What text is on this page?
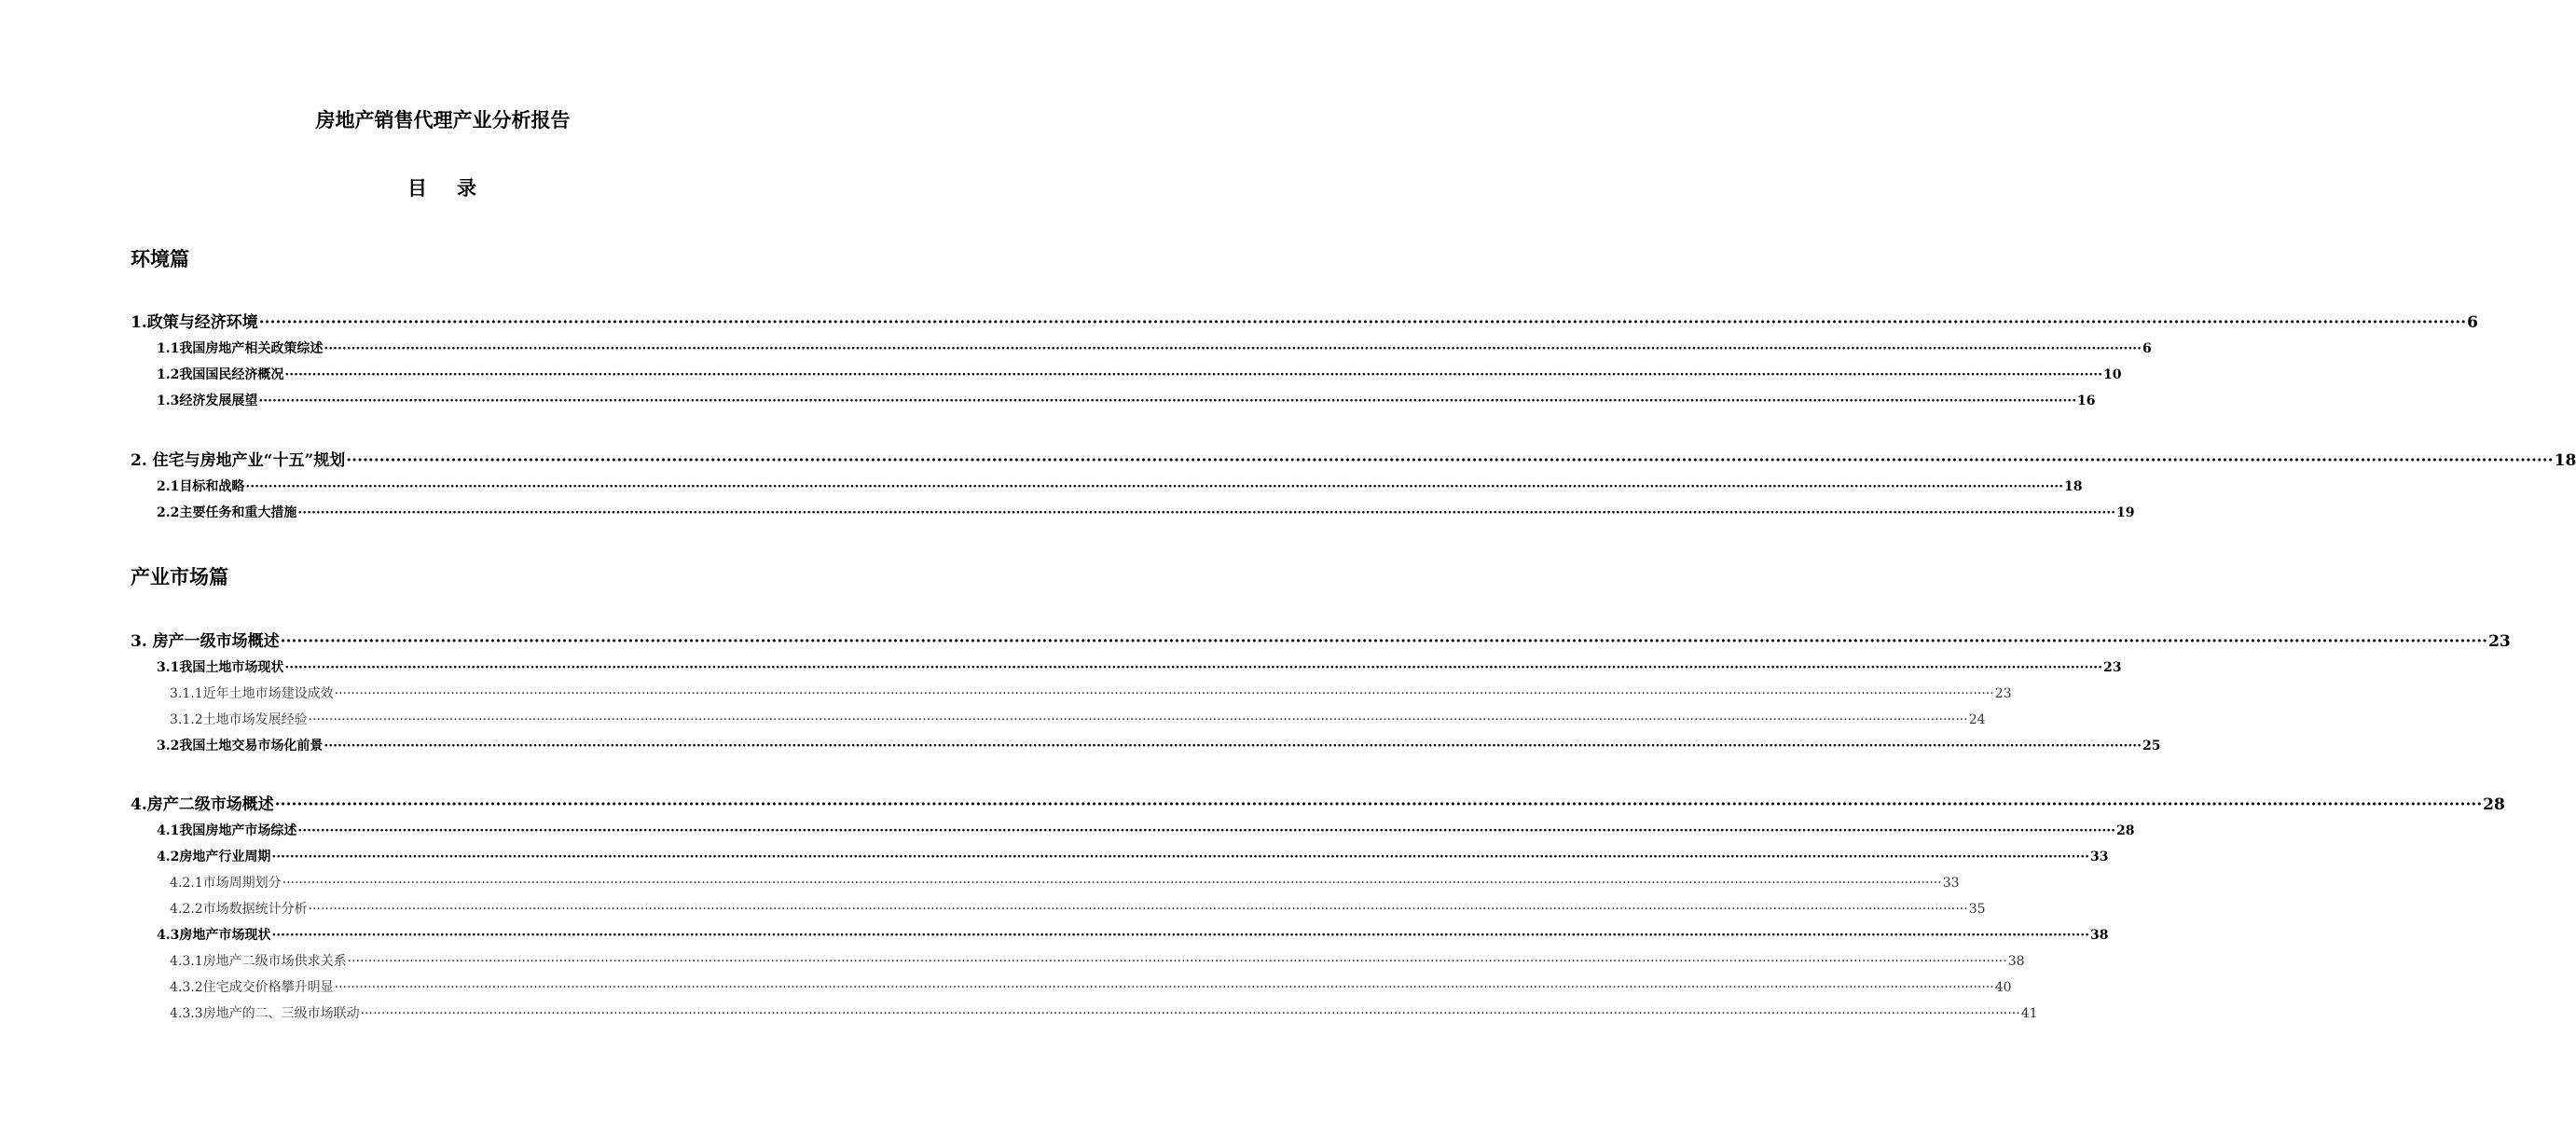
房地产销售代理产业分析报告
目 录
环境篇
1.政策与经济环境 ················································································································································································································································································································································································································ 6
1.1我国房地产相关政策综述 ················································································································································································································································································································································································································ 6
1.2我国国民经济概况 ················································································································································································································································································································································································································ 10
1.3经济发展展望 ················································································································································································································································································································································································································ 16
2. 住宅与房地产业“十五”规划 ················································································································································································································································································································································································································ 18
2.1目标和战略 ················································································································································································································································································································································································································ 18
2.2主要任务和重大措施 ················································································································································································································································································································································································································ 19
产业市场篇
3. 房产一级市场概述 ················································································································································································································································································································································································································ 23
3.1我国土地市场现状 ················································································································································································································································································································································································································ 23
3.1.1近年土地市场建设成效 ················································································································································································································································································································································································································ 23
3.1.2土地市场发展经验 ················································································································································································································································································································································································································ 24
3.2我国土地交易市场化前景 ················································································································································································································································································································································································································ 25
4.房产二级市场概述 ················································································································································································································································································································································································································ 28
4.1我国房地产市场综述 ················································································································································································································································································································································································································ 28
4.2房地产行业周期 ················································································································································································································································································································································································································ 33
4.2.1市场周期划分 ················································································································································································································································································································································································································ 33
4.2.2市场数据统计分析 ················································································································································································································································································································································································································ 35
4.3房地产市场现状 ················································································································································································································································································································································································································ 38
4.3.1房地产二级市场供求关系 ················································································································································································································································································································································································································ 38
4.3.2住宅成交价格攀升明显 ················································································································································································································································································································································································································ 40
4.3.3房地产的二、三级市场联动 ················································································································································································································································································································································································································ 41
